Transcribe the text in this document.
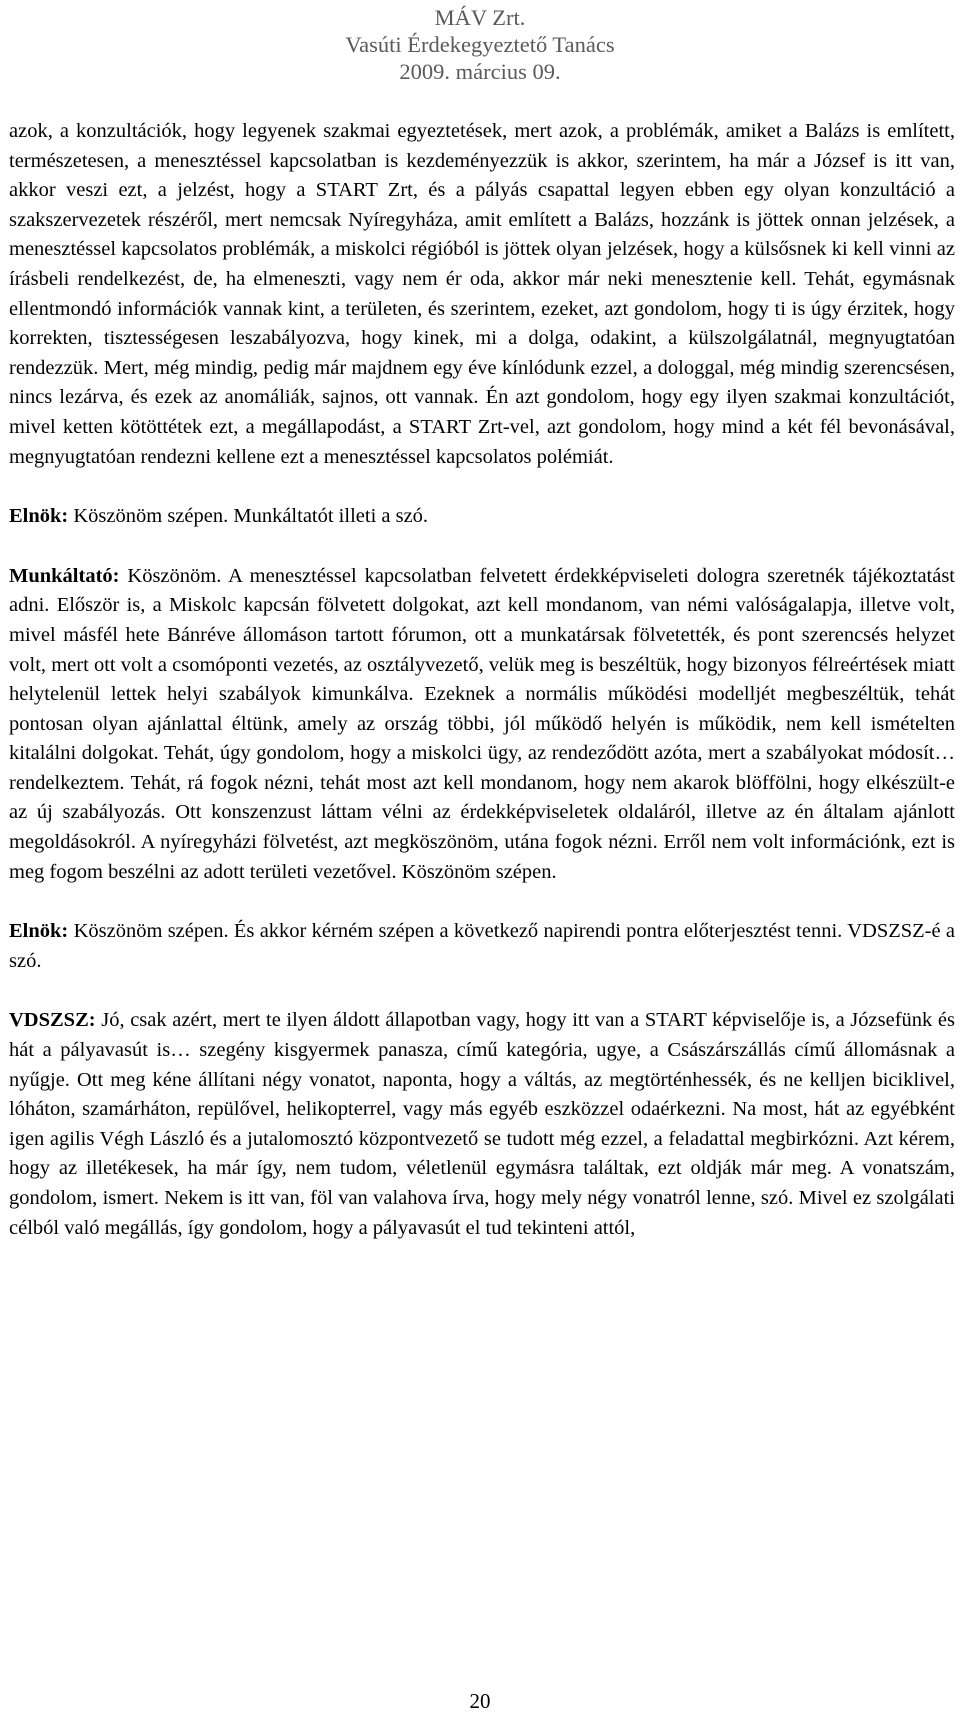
MÁV Zrt.
Vasúti Érdekegyeztető Tanács
2009. március 09.

azok, a konzultációk, hogy legyenek szakmai egyeztetések, mert azok, a problémák, amiket a Balázs is említett, természetesen, a menesztéssel kapcsolatban is kezdeményezzük is akkor, szerintem, ha már a József is itt van, akkor veszi ezt, a jelzést, hogy a START Zrt, és a pályás csapattal legyen ebben egy olyan konzultáció a szakszervezetek részéről, mert nemcsak Nyíregyháza, amit említett a Balázs, hozzánk is jöttek onnan jelzések, a menesztéssel kapcsolatos problémák, a miskolci régióból is jöttek olyan jelzések, hogy a külsősnek ki kell vinni az írásbeli rendelkezést, de, ha elmeneszti, vagy nem ér oda, akkor már neki menesztenie kell. Tehát, egymásnak ellentmondó információk vannak kint, a területen, és szerintem, ezeket, azt gondolom, hogy ti is úgy érzitek, hogy korrekten, tisztességesen leszabályozva, hogy kinek, mi a dolga, odakint, a külszolgálatnál, megnyugtatóan rendezzük. Mert, még mindig, pedig már majdnem egy éve kínlódunk ezzel, a dologgal, még mindig szerencsésen, nincs lezárva, és ezek az anomáliák, sajnos, ott vannak. Én azt gondolom, hogy egy ilyen szakmai konzultációt, mivel ketten kötöttétek ezt, a megállapodást, a START Zrt-vel, azt gondolom, hogy mind a két fél bevonásával, megnyugtatóan rendezni kellene ezt a menesztéssel kapcsolatos polémiát.

Elnök: Köszönöm szépen. Munkáltatót illeti a szó.

Munkáltató: Köszönöm. A menesztéssel kapcsolatban felvetett érdekképviseleti dologra szeretnék tájékoztatást adni. Először is, a Miskolc kapcsán fölvetett dolgokat, azt kell mondanom, van némi valóságalapja, illetve volt, mivel másfél hete Bánréve állomáson tartott fórumon, ott a munkatársak fölvetették, és pont szerencsés helyzet volt, mert ott volt a csomóponti vezetés, az osztályvezető, velük meg is beszéltük, hogy bizonyos félreértések miatt helytelenül lettek helyi szabályok kimunkálva. Ezeknek a normális működési modelljét megbeszéltük, tehát pontosan olyan ajánlattal éltünk, amely az ország többi, jól működő helyén is működik, nem kell ismételten kitalálni dolgokat. Tehát, úgy gondolom, hogy a miskolci ügy, az rendeződött azóta, mert a szabályokat módosít… rendelkeztem. Tehát, rá fogok nézni, tehát most azt kell mondanom, hogy nem akarok blöffölni, hogy elkészült-e az új szabályozás. Ott konszenzust láttam vélni az érdekképviseletek oldaláról, illetve az én általam ajánlott megoldásokról. A nyíregyházi fölvetést, azt megköszönöm, utána fogok nézni. Erről nem volt információnk, ezt is meg fogom beszélni az adott területi vezetővel. Köszönöm szépen.

Elnök: Köszönöm szépen. És akkor kérném szépen a következő napirendi pontra előterjesztést tenni. VDSZSZ-é a szó.

VDSZSZ: Jó, csak azért, mert te ilyen áldott állapotban vagy, hogy itt van a START képviselője is, a Józsefünk és hát a pályavasút is… szegény kisgyermek panasza, című kategória, ugye, a Császárszállás című állomásnak a nyűgje. Ott meg kéne állítani négy vonatot, naponta, hogy a váltás, az megtörténhessék, és ne kelljen biciklivel, lóháton, szamárháton, repülővel, helikopterrel, vagy más egyéb eszközzel odaérkezni. Na most, hát az egyébként igen agilis Végh László és a jutalomosztó központvezető se tudott még ezzel, a feladattal megbirkózni. Azt kérem, hogy az illetékesek, ha már így, nem tudom, véletlenül egymásra találtak, ezt oldják már meg. A vonatszám, gondolom, ismert. Nekem is itt van, föl van valahova írva, hogy mely négy vonatról lenne, szó. Mivel ez szolgálati célból való megállás, így gondolom, hogy a pályavasút el tud tekinteni attól,

20
